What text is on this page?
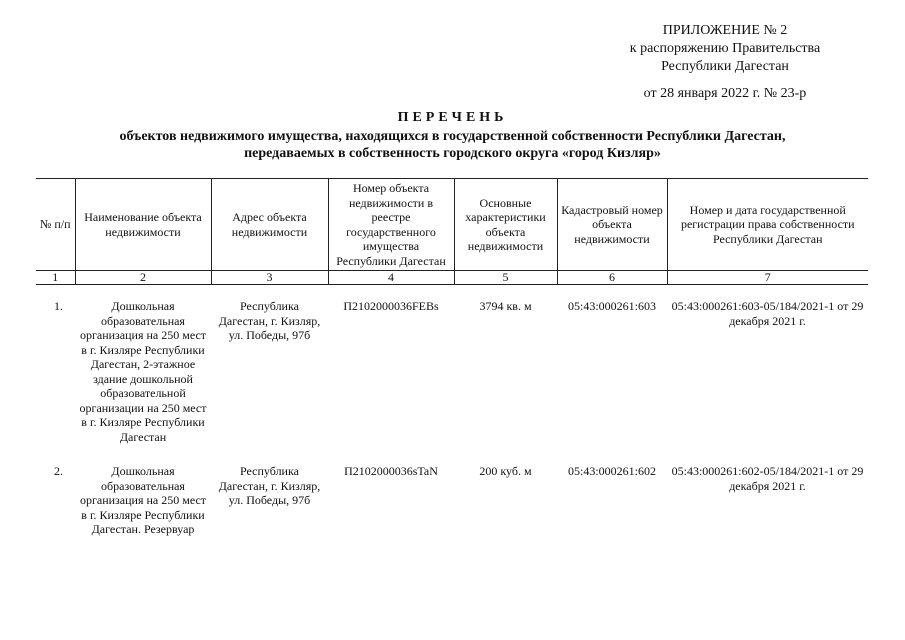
ПРИЛОЖЕНИЕ № 2
к распоряжению Правительства
Республики Дагестан
от 28 января 2022 г. № 23-р
ПЕРЕЧЕНЬ
объектов недвижимого имущества, находящихся в государственной собственности Республики Дагестан,
передаваемых в собственность городского округа «город Кизляр»
№ п/п	Наименование объекта недвижимости	Адрес объекта недвижимости	Номер объекта недвижимости в реестре государственного имущества Республики Дагестан	Основные характеристики объекта недвижимости	Кадастровый номер объекта недвижимости	Номер и дата государственной регистрации права собственности Республики Дагестан
1	2	3	4	5	6	7
1.	Дошкольная образовательная организация на 250 мест в г. Кизляре Республики Дагестан, 2-этажное здание дошкольной образовательной организации на 250 мест в г. Кизляре Республики Дагестан	Республика Дагестан, г. Кизляр, ул. Победы, 97б	П2102000036FEBs	3794 кв. м	05:43:000261:603	05:43:000261:603-05/184/2021-1 от 29 декабря 2021 г.
2.	Дошкольная образовательная организация на 250 мест в г. Кизляре Республики Дагестан. Резервуар	Республика Дагестан, г. Кизляр, ул. Победы, 97б	П2102000036sTaN	200 куб. м	05:43:000261:602	05:43:000261:602-05/184/2021-1 от 29 декабря 2021 г.
